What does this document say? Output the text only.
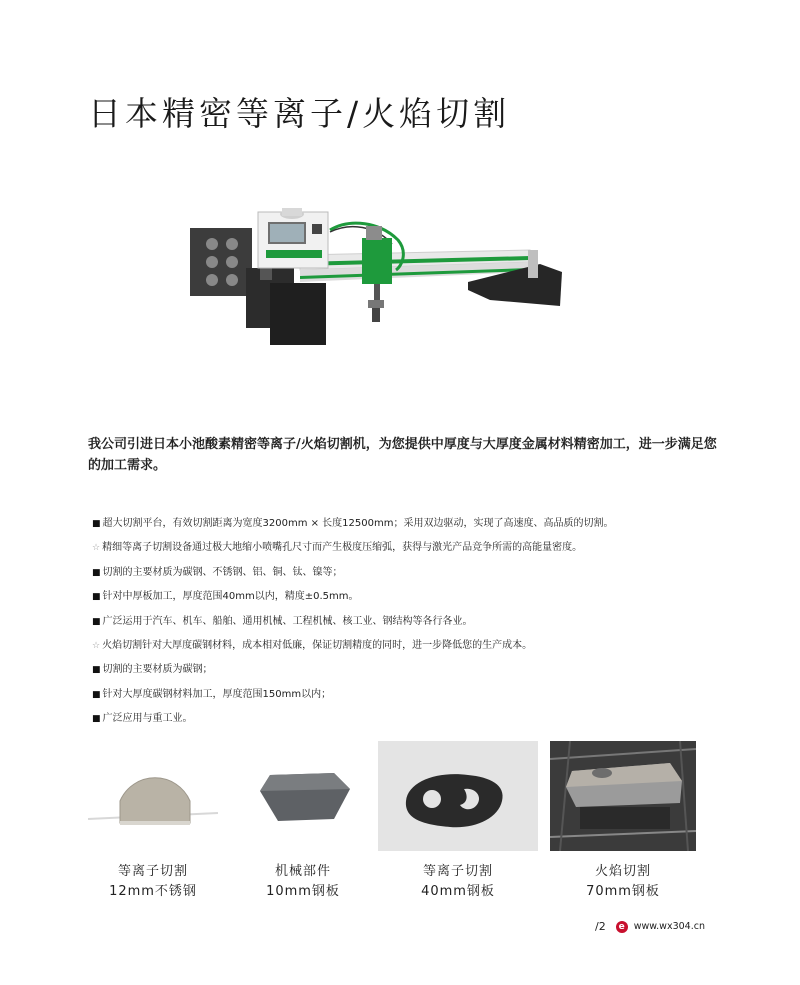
日本精密等离子/火焰切割

我公司引进日本小池酸素精密等离子/火焰切割机，为您提供中厚度与大厚度金属材料精密加工，进一步满足您的加工需求。

■ 超大切割平台，有效切割距离为宽度3200mm × 长度12500mm；采用双边驱动，实现了高速度、高品质的切割。
☆ 精细等离子切割设备通过极大地缩小喷嘴孔尺寸而产生极度压缩弧，获得与激光产品竞争所需的高能量密度。
■ 切割的主要材质为碳钢、不锈钢、铝、铜、钛、镍等；
■ 针对中厚板加工，厚度范围40mm以内，精度±0.5mm。
■ 广泛运用于汽车、机车、船舶、通用机械、工程机械、核工业、钢结构等各行各业。
☆ 火焰切割针对大厚度碳钢材料，成本相对低廉，保证切割精度的同时，进一步降低您的生产成本。
■ 切割的主要材质为碳钢；
■ 针对大厚度碳钢材料加工，厚度范围150mm以内；
■ 广泛应用与重工业。
等离子切割
12mm不锈钢
机械部件
10mm钢板
等离子切割
40mm钢板
火焰切割
70mm钢板
/2	e www.wx304.cn
